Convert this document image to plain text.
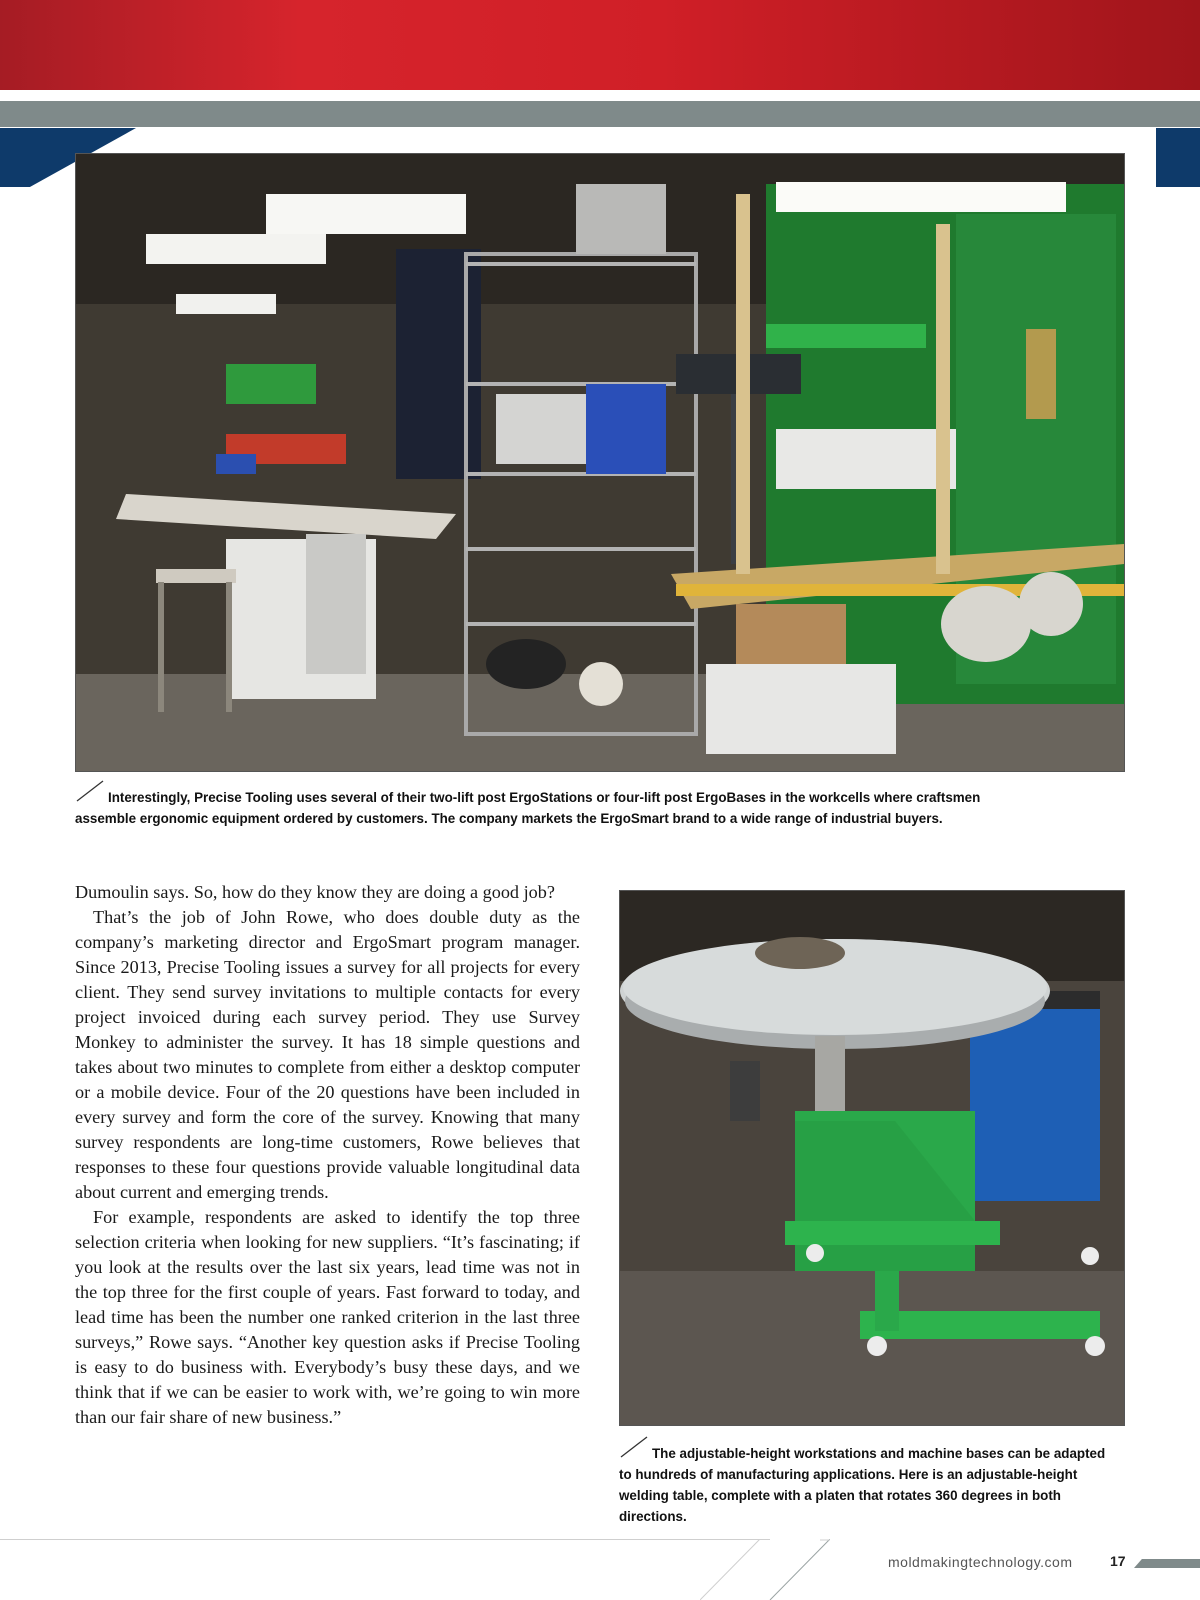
Interestingly, Precise Tooling uses several of their two-lift post ErgoStations or four-lift post ErgoBases in the workcells where craftsmen assemble ergonomic equipment ordered by customers. The company markets the ErgoSmart brand to a wide range of industrial buyers.

Dumoulin says. So, how do they know they are doing a good job?

That’s the job of John Rowe, who does double duty as the company’s marketing director and ErgoSmart program manager. Since 2013, Precise Tooling issues a survey for all projects for every client. They send survey invitations to multiple contacts for every project invoiced during each survey period. They use Survey Monkey to administer the survey. It has 18 simple questions and takes about two minutes to complete from either a desktop computer or a mobile device. Four of the 20 questions have been included in every survey and form the core of the survey. Knowing that many survey respondents are long-time customers, Rowe believes that responses to these four questions provide valuable longitudinal data about current and emerging trends.

For example, respondents are asked to identify the top three selection criteria when looking for new suppliers. “It’s fascinating; if you look at the results over the last six years, lead time was not in the top three for the first couple of years. Fast forward to today, and lead time has been the number one ranked criterion in the last three surveys,” Rowe says. “Another key question asks if Precise Tooling is easy to do business with. Everybody’s busy these days, and we think that if we can be easier to work with, we’re going to win more than our fair share of new business.”

The adjustable-height workstations and machine bases can be adapted to hundreds of manufacturing applications. Here is an adjustable-height welding table, complete with a platen that rotates 360 degrees in both directions.
moldmakingtechnology.com	17
